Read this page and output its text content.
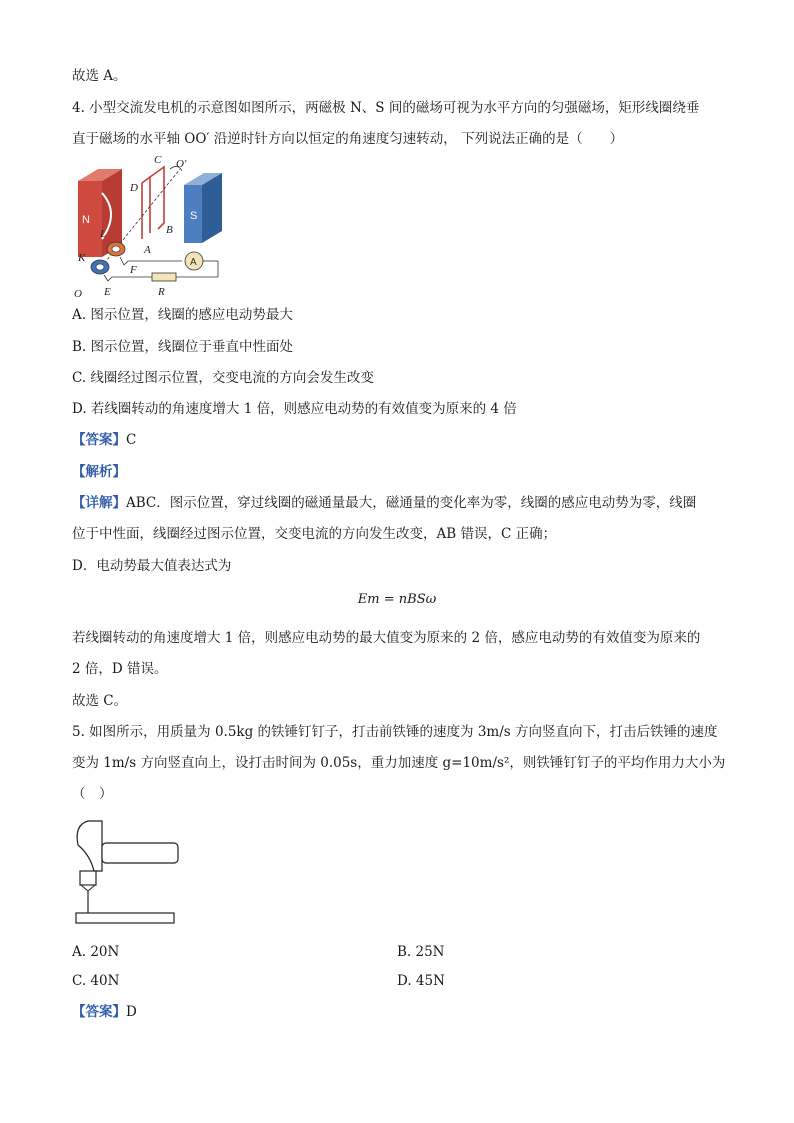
故选 A。
4. 小型交流发电机的示意图如图所示，两磁极 N、S 间的磁场可视为水平方向的匀强磁场，矩形线圈绕垂
直于磁场的水平轴 OO′ 沿逆时针方向以恒定的角速度匀速转动， 下列说法正确的是（　　）
N	S
A
C O′
D
B
L
A
K
F
O E	R
A. 图示位置，线圈的感应电动势最大
B. 图示位置，线圈位于垂直中性面处
C. 线圈经过图示位置，交变电流的方向会发生改变
D. 若线圈转动的角速度增大 1 倍，则感应电动势的有效值变为原来的 4 倍
【答案】C
【解析】
【详解】ABC．图示位置，穿过线圈的磁通量最大，磁通量的变化率为零，线圈的感应电动势为零，线圈
位于中性面，线圈经过图示位置，交变电流的方向发生改变，AB 错误，C 正确；
D．电动势最大值表达式为
Em = nBSω
若线圈转动的角速度增大 1 倍，则感应电动势的最大值变为原来的 2 倍，感应电动势的有效值变为原来的
2 倍，D 错误。
故选 C。
5. 如图所示，用质量为 0.5kg 的铁锤钉钉子，打击前铁锤的速度为 3m/s 方向竖直向下，打击后铁锤的速度
变为 1m/s 方向竖直向上，设打击时间为 0.05s，重力加速度 g=10m/s²，则铁锤钉钉子的平均作用力大小为
（　）
A. 20N	B. 25N
C. 40N	D. 45N
【答案】D
